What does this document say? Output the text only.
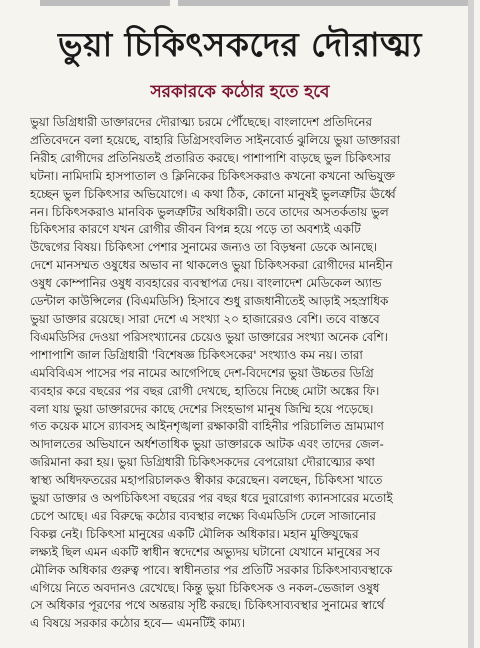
ভুয়া চিকিৎসকদের দৌরাত্ম্য
সরকারকে কঠোর হতে হবে
ভুয়া ডিগ্রিধারী ডাক্তারদের দৌরাত্ম্য চরমে পৌঁছেছে। বাংলাদেশ প্রতিদিনের
প্রতিবেদনে বলা হয়েছে, বাহারি ডিগ্রিসংবলিত সাইনবোর্ড ঝুলিয়ে ভুয়া ডাক্তাররা
নিরীহ রোগীদের প্রতিনিয়তই প্রতারিত করছে। পাশাপাশি বাড়ছে ভুল চিকিৎসার
ঘটনা। নামিদামি হাসপাতাল ও ক্লিনিকের চিকিৎসকরাও কখনো কখনো অভিযুক্ত
হচ্ছেন ভুল চিকিৎসার অভিযোগে। এ কথা ঠিক, কোনো মানুষই ভুলত্রুটির ঊর্ধ্বে
নন। চিকিৎসকরাও মানবিক ভুলত্রুটির অধিকারী। তবে তাদের অসতর্কতায় ভুল
চিকিৎসার কারণে যখন রোগীর জীবন বিপন্ন হয়ে পড়ে তা অবশ্যই একটি
উদ্বেগের বিষয়। চিকিৎসা পেশার সুনামের জন্যও তা বিড়ম্বনা ডেকে আনছে।
দেশে মানসম্মত ওষুধের অভাব না থাকলেও ভুয়া চিকিৎসকরা রোগীদের মানহীন
ওষুধ কোম্পানির ওষুধ ব্যবহারের ব্যবস্থাপত্র দেয়। বাংলাদেশ মেডিকেল অ্যান্ড
ডেন্টাল কাউন্সিলের (বিএমডিসি) হিসাবে শুধু রাজধানীতেই আড়াই সহস্রাধিক
ভুয়া ডাক্তার রয়েছে। সারা দেশে এ সংখ্যা ২০ হাজারেরও বেশি। তবে বাস্তবে
বিএমডিসির দেওয়া পরিসংখ্যানের চেয়েও ভুয়া ডাক্তারের সংখ্যা অনেক বেশি।
পাশাপাশি জাল ডিগ্রিধারী 'বিশেষজ্ঞ চিকিৎসকের' সংখ্যাও কম নয়। তারা
এমবিবিএস পাসের পর নামের আগেপিছে দেশ-বিদেশের ভুয়া উচ্চতর ডিগ্রি
ব্যবহার করে বছরের পর বছর রোগী দেখছে, হাতিয়ে নিচ্ছে মোটা অঙ্কের ফি।
বলা যায় ভুয়া ডাক্তারদের কাছে দেশের সিংহভাগ মানুষ জিম্মি হয়ে পড়েছে।
গত কয়েক মাসে র‍্যাবসহ আইনশৃঙ্খলা রক্ষাকারী বাহিনীর পরিচালিত ভ্রাম্যমাণ
আদালতের অভিযানে অর্ধশতাধিক ভুয়া ডাক্তারকে আটক এবং তাদের জেল-
জরিমানা করা হয়। ভুয়া ডিগ্রিধারী চিকিৎসকদের বেপরোয়া দৌরাত্ম্যের কথা
স্বাস্থ্য অধিদফতরের মহাপরিচালকও স্বীকার করেছেন। বলছেন, চিকিৎসা খাতে
ভুয়া ডাক্তার ও অপচিকিৎসা বছরের পর বছর ধরে দুরারোগ্য ক্যানসারের মতোই
চেপে আছে। এর বিরুদ্ধে কঠোর ব্যবস্থার লক্ষ্যে বিএমডিসি ঢেলে সাজানোর
বিকল্প নেই। চিকিৎসা মানুষের একটি মৌলিক অধিকার। মহান মুক্তিযুদ্ধের
লক্ষ্যই ছিল এমন একটি স্বাধীন স্বদেশের অভ্যুদয় ঘটানো যেখানে মানুষের সব
মৌলিক অধিকার গুরুত্ব পাবে। স্বাধীনতার পর প্রতিটি সরকার চিকিৎসাব্যবস্থাকে
এগিয়ে নিতে অবদানও রেখেছে। কিন্তু ভুয়া চিকিৎসক ও নকল-ভেজাল ওষুধ
সে অধিকার পূরণের পথে অন্তরায় সৃষ্টি করছে। চিকিৎসাব্যবস্থার সুনামের স্বার্থে
এ বিষয়ে সরকার কঠোর হবে— এমনটিই কাম্য।
